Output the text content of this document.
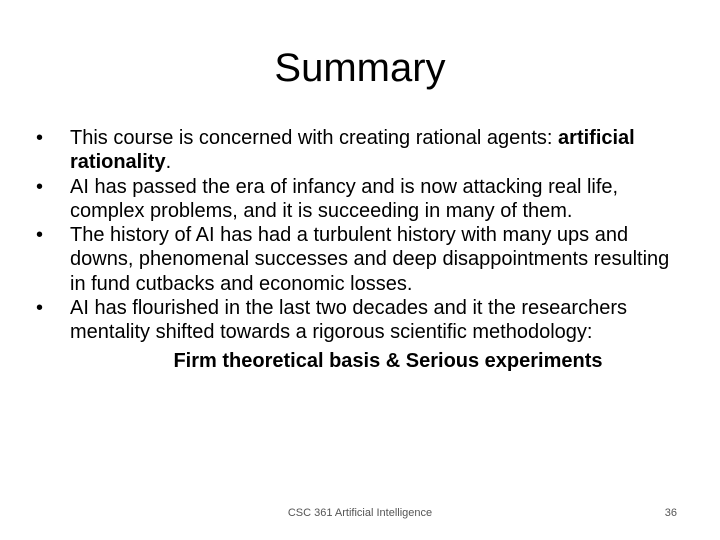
Summary
•	This course is concerned with creating rational agents: artificial rationality.
•	AI has passed the era of infancy and is now attacking real life, complex problems, and it is succeeding in many of them.
•	The history of AI has had a turbulent history with many ups and downs, phenomenal successes and deep disappointments resulting in fund cutbacks and economic losses.
•	AI has flourished in the last two decades and it the researchers mentality shifted towards a rigorous scientific methodology:
Firm theoretical basis & Serious experiments
CSC 361 Artificial Intelligence	36
